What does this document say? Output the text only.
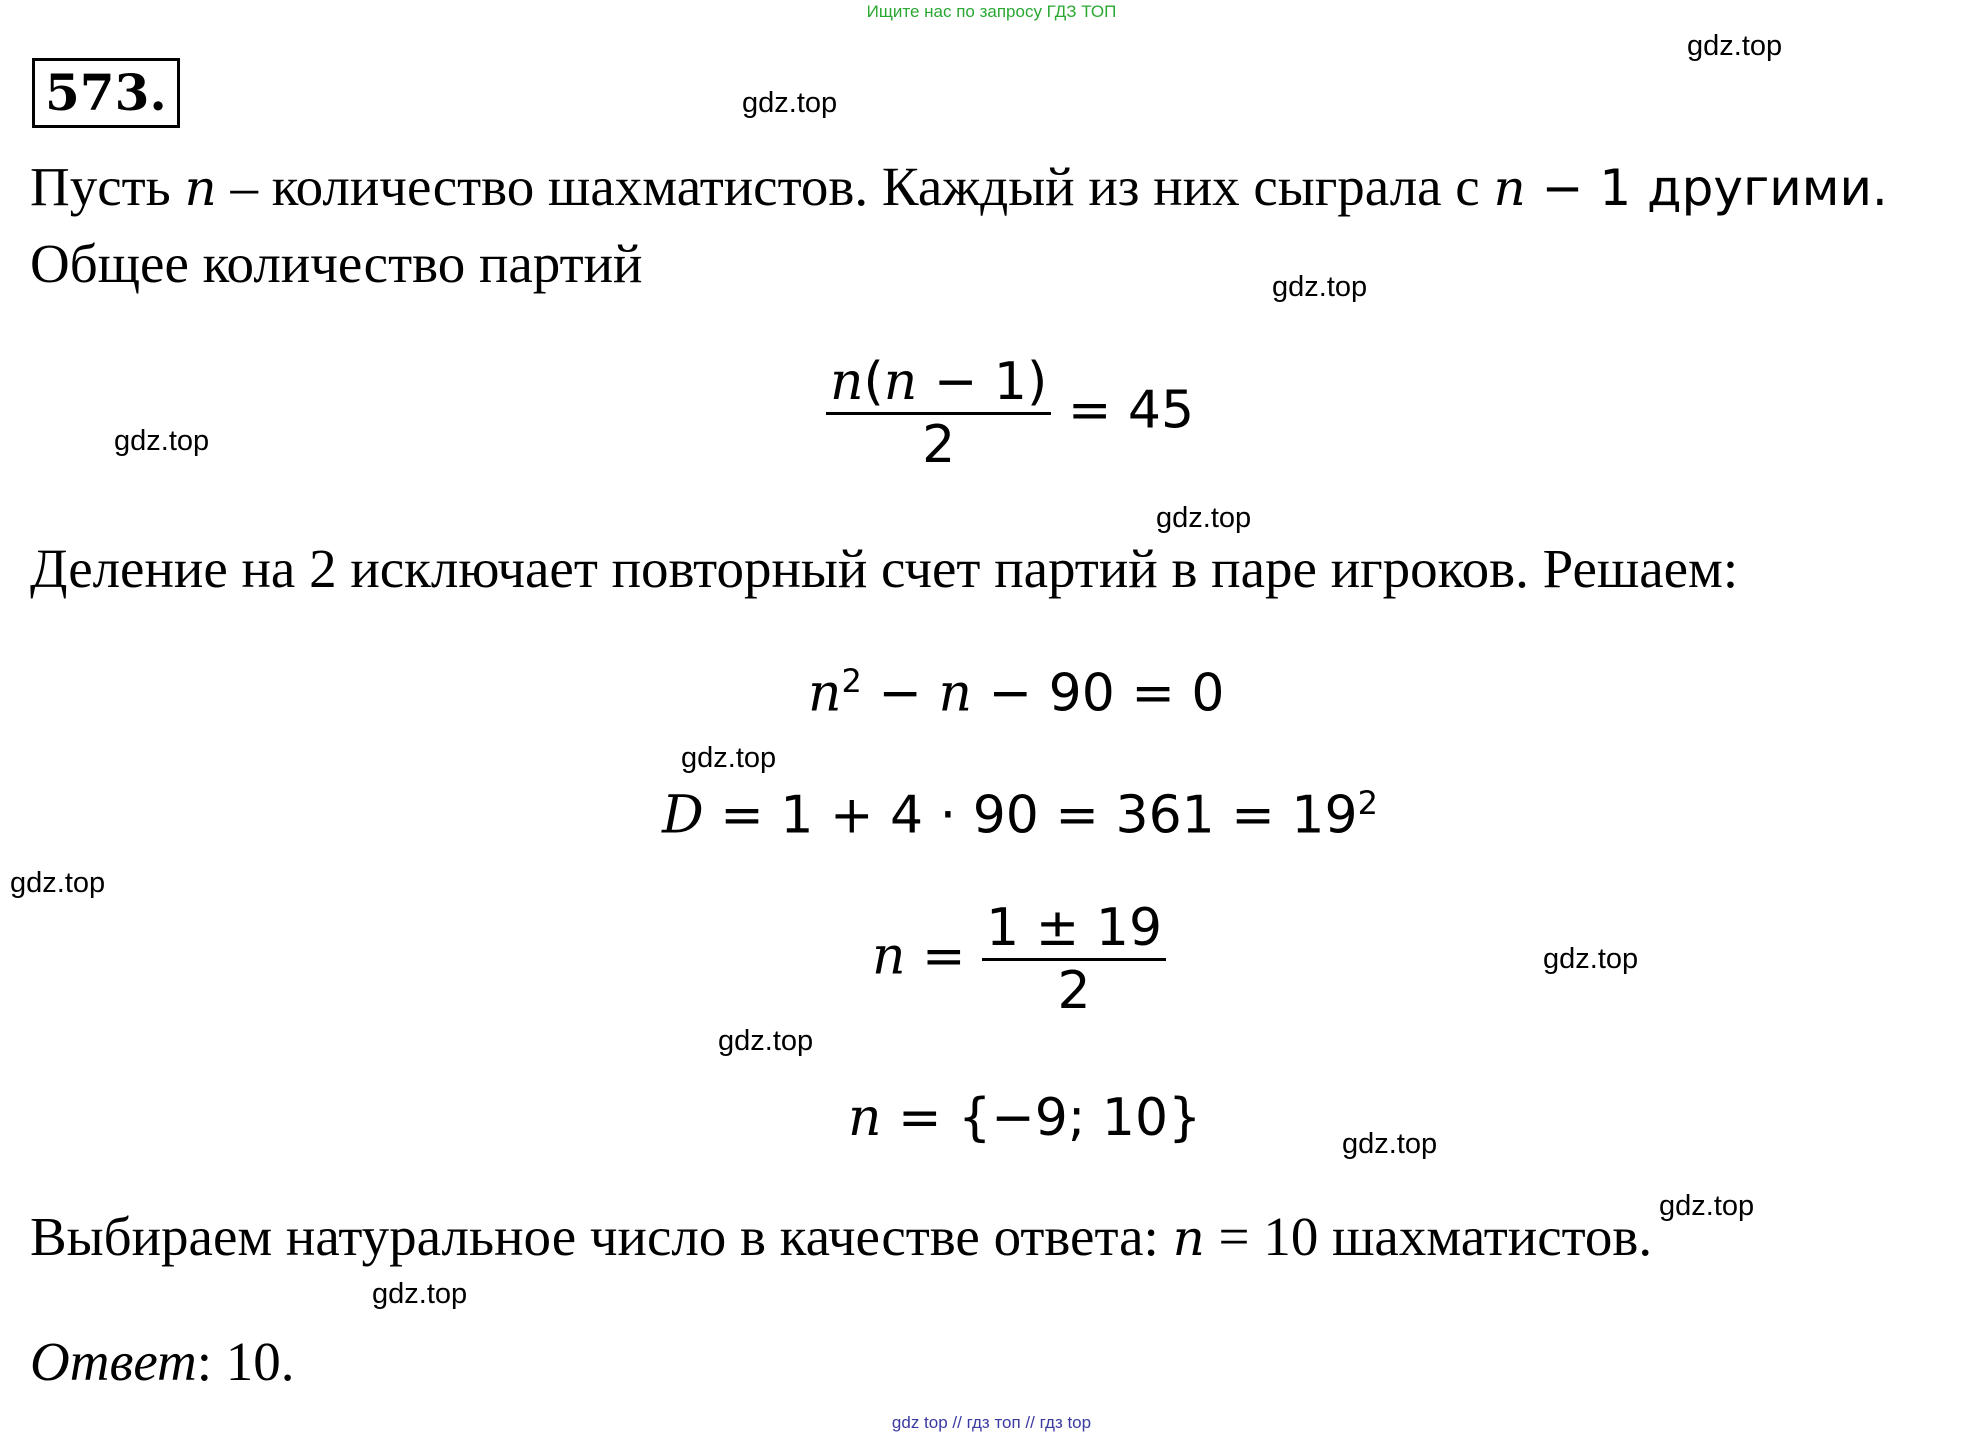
Ищите нас по запросу ГДЗ ТОП
573.
gdz.top
gdz.top
gdz.top
gdz.top
gdz.top
gdz.top
gdz.top
gdz.top
gdz.top
gdz.top
gdz.top
gdz.top
Пусть n – количество шахматистов. Каждый из них сыграла с n − 1 другими.
Общее количество партий
$\frac{n(n - 1)}{2} = 45$
Деление на 2 исключает повторный счет партий в паре игроков. Решаем:
$n^2 - n - 90 = 0$
$D = 1 + 4 \cdot 90 = 361 = 19^2$
$n = \frac{1 \pm 19}{2}$
n = {−9; 10}
Выбираем натуральное число в качестве ответа: n = 10 шахматистов.
Ответ: 10.
gdz top // гдз топ // гдз top
